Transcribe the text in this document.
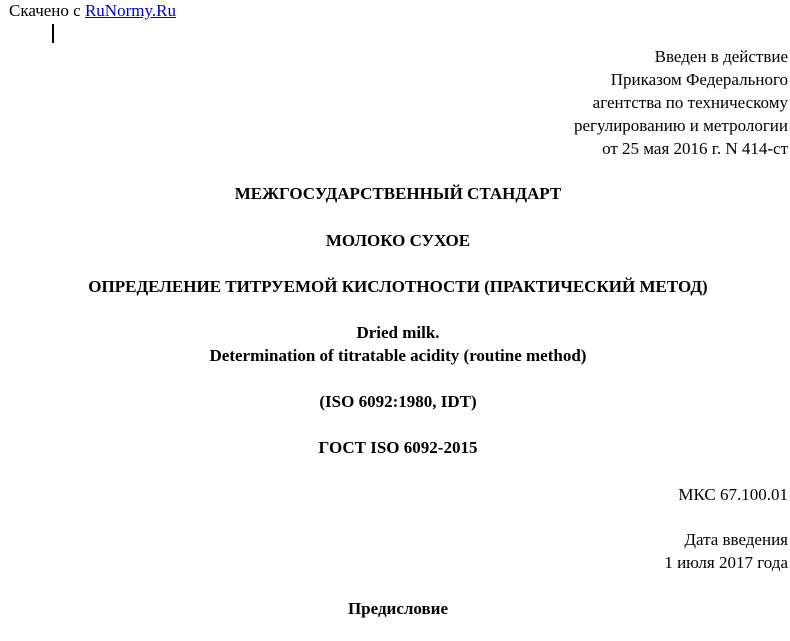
Скачено с RuNormy.Ru
Введен в действие
Приказом Федерального
агентства по техническому
регулированию и метрологии
от 25 мая 2016 г. N 414-ст
МЕЖГОСУДАРСТВЕННЫЙ СТАНДАРТ
МОЛОКО СУХОЕ
ОПРЕДЕЛЕНИЕ ТИТРУЕМОЙ КИСЛОТНОСТИ (ПРАКТИЧЕСКИЙ МЕТОД)
Dried milk.
Determination of titratable acidity (routine method)
(ISO 6092:1980, IDT)
ГОСТ ISO 6092-2015
МКС 67.100.01
Дата введения
1 июля 2017 года
Предисловие
